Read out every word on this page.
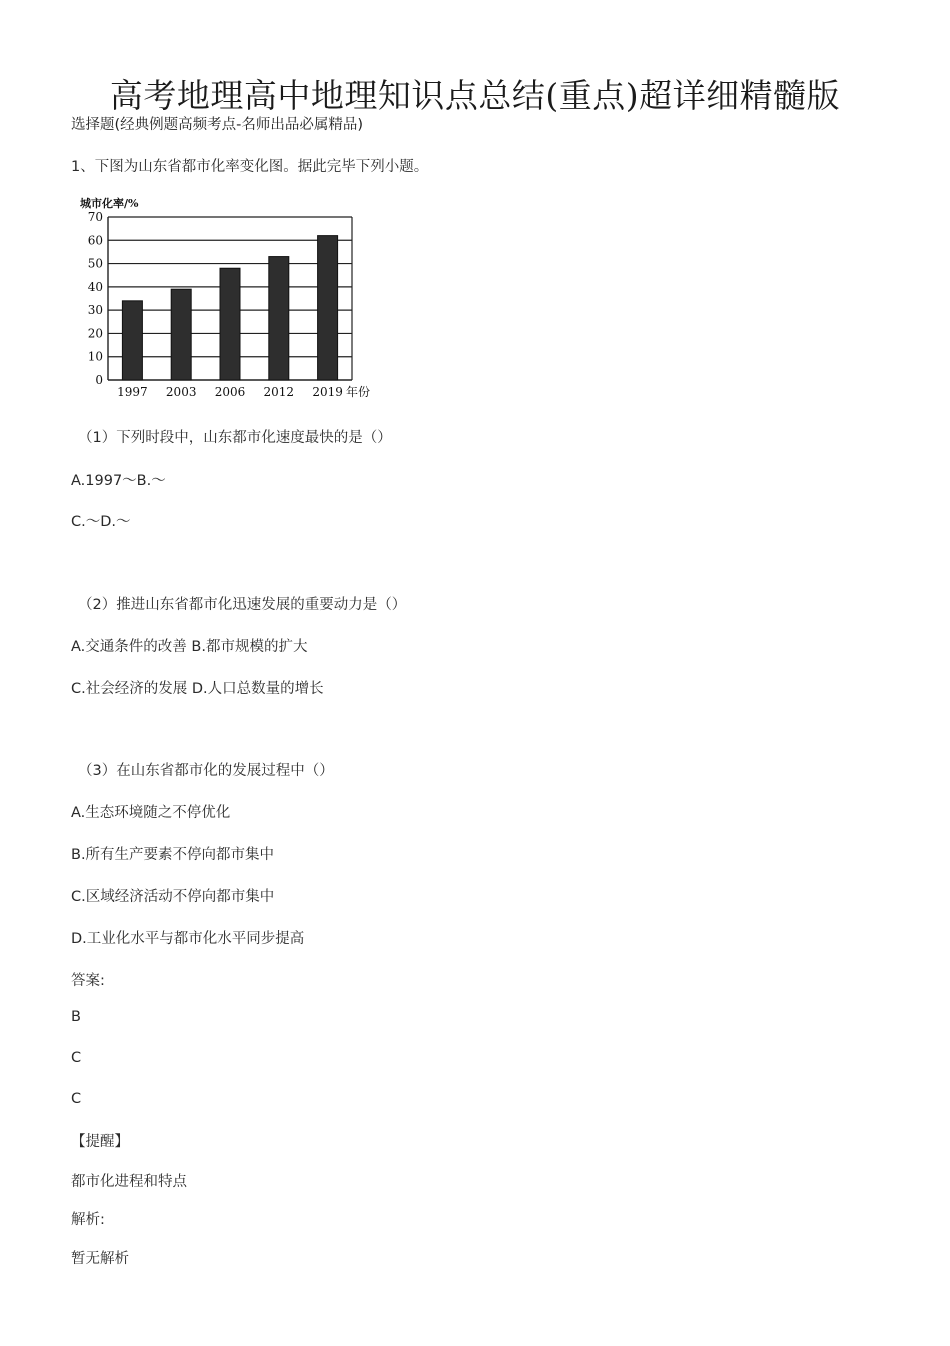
高考地理高中地理知识点总结(重点)超详细精髓版
选择题(经典例题高频考点-名师出品必属精品)
1、下图为山东省都市化率变化图。据此完毕下列小题。
0
10
20
30
40
50
60
70
1997 2003 2006 2012 2019
城市化率/%
年份
（1）下列时段中，山东都市化速度最快的是（）
A.1997～B.～
C.～D.～
（2）推进山东省都市化迅速发展的重要动力是（）
A.交通条件的改善 B.都市规模的扩大
C.社会经济的发展 D.人口总数量的增长
（3）在山东省都市化的发展过程中（）
A.生态环境随之不停优化
B.所有生产要素不停向都市集中
C.区域经济活动不停向都市集中
D.工业化水平与都市化水平同步提高
答案:
B
C
C
【提醒】
都市化进程和特点
解析:
暂无解析
